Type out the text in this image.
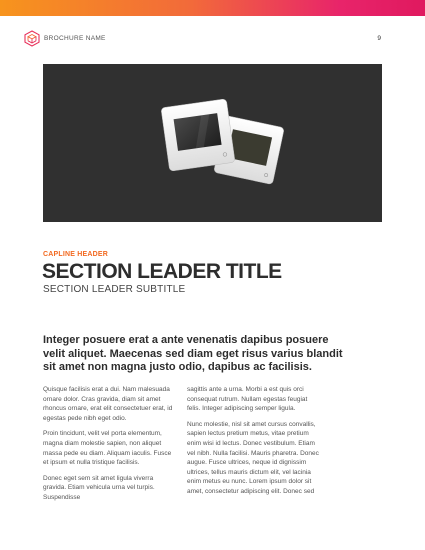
BROCHURE NAME	9
CAPLINE HEADER
SECTION LEADER TITLE
SECTION LEADER SUBTITLE
Integer posuere erat a ante venenatis dapibus posuere velit aliquet. Maecenas sed diam eget risus varius blandit sit amet non magna justo odio, dapibus ac facilisis.

Quisque facilisis erat a dui. Nam malesuada ornare dolor. Cras gravida, diam sit amet rhoncus ornare, erat elit consectetuer erat, id egestas pede nibh eget odio.

Proin tincidunt, velit vel porta elementum, magna diam molestie sapien, non aliquet massa pede eu diam. Aliquam iaculis. Fusce et ipsum et nulla tristique facilisis.

Donec eget sem sit amet ligula viverra gravida. Etiam vehicula urna vel turpis. Suspendisse

sagittis ante a urna. Morbi a est quis orci consequat rutrum. Nullam egestas feugiat felis. Integer adipiscing semper ligula.

Nunc molestie, nisl sit amet cursus convallis, sapien lectus pretium metus, vitae pretium enim wisi id lectus. Donec vestibulum. Etiam vel nibh. Nulla facilisi. Mauris pharetra. Donec augue. Fusce ultrices, neque id dignissim ultrices, tellus mauris dictum elit, vel lacinia enim metus eu nunc. Lorem ipsum dolor sit amet, consectetur adipiscing elit. Donec sed
